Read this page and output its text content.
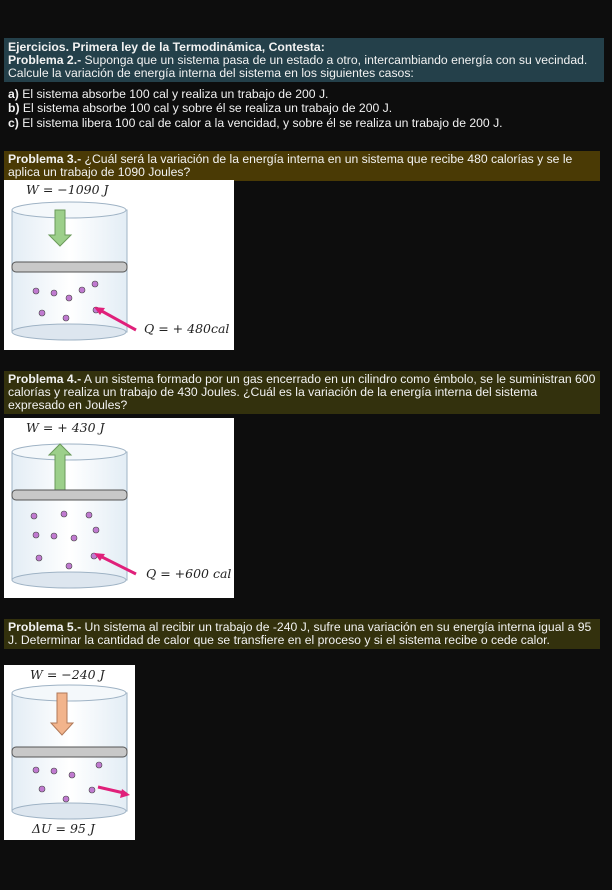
Ejercicios. Primera ley de la Termodinámica, Contesta:
Problema 2.- Suponga que un sistema pasa de un estado a otro, intercambiando energía con su vecindad. Calcule la variación de energía interna del sistema en los siguientes casos:
a) El sistema absorbe 100 cal y realiza un trabajo de 200 J.
b) El sistema absorbe 100 cal y sobre él se realiza un trabajo de 200 J.
c) El sistema libera 100 cal de calor a la vencidad, y sobre él se realiza un trabajo de 200 J.
Problema 3.- ¿Cuál será la variación de la energía interna en un sistema que recibe 480 calorías y se le aplica un trabajo de 1090 Joules?
W = −1090 J
Q = + 480cal
Problema 4.- A un sistema formado por un gas encerrado en un cilindro como émbolo, se le suministran 600 calorías y realiza un trabajo de 430 Joules. ¿Cuál es la variación de la energía interna del sistema expresado en Joules?
W = + 430 J
Q = +600 cal
Problema 5.- Un sistema al recibir un trabajo de -240 J, sufre una variación en su energía interna igual a 95 J. Determinar la cantidad de calor que se transfiere en el proceso y si el sistema recibe o cede calor.
W = −240 J
ΔU = 95 J
